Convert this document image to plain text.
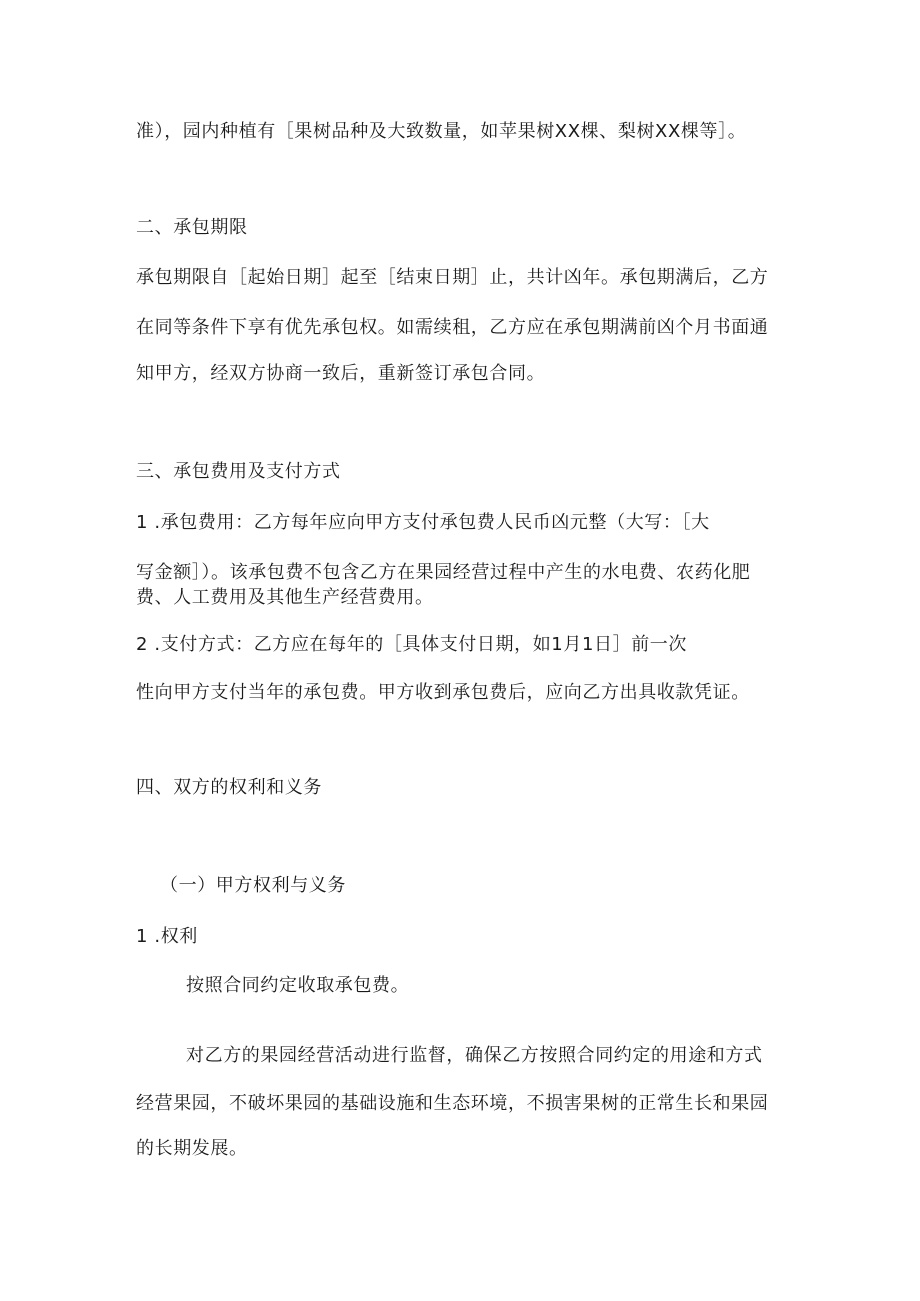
准），园内种植有［果树品种及大致数量，如苹果树XX棵、梨树XX棵等］。
二、承包期限
承包期限自［起始日期］起至［结束日期］止，共计凶年。承包期满后，乙方
在同等条件下享有优先承包权。如需续租，乙方应在承包期满前凶个月书面通
知甲方，经双方协商一致后，重新签订承包合同。
三、承包费用及支付方式
1 .承包费用：乙方每年应向甲方支付承包费人民币凶元整（大写：［大
写金额］）。该承包费不包含乙方在果园经营过程中产生的水电费、农药化肥
费、人工费用及其他生产经营费用。
2 .支付方式：乙方应在每年的［具体支付日期，如1月1日］前一次
性向甲方支付当年的承包费。甲方收到承包费后，应向乙方出具收款凭证。
四、双方的权利和义务
（一）甲方权利与义务
1 .权利
按照合同约定收取承包费。
对乙方的果园经营活动进行监督，确保乙方按照合同约定的用途和方式
经营果园，不破坏果园的基础设施和生态环境，不损害果树的正常生长和果园
的长期发展。
